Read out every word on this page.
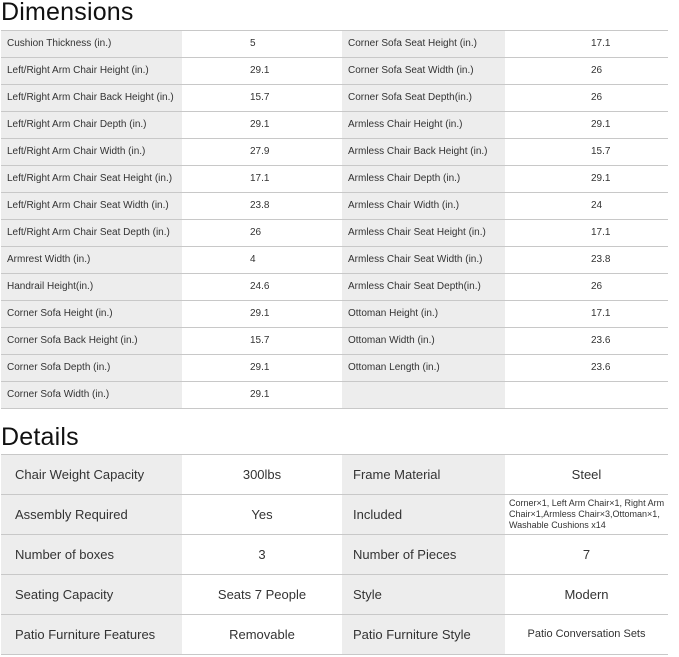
Dimensions
Cushion Thickness (in.)	5	Corner Sofa Seat Height (in.)	17.1
Left/Right Arm Chair Height (in.)	29.1	Corner Sofa Seat Width (in.)	26
Left/Right Arm Chair Back Height (in.)	15.7	Corner Sofa Seat Depth(in.)	26
Left/Right Arm Chair Depth (in.)	29.1	Armless Chair Height (in.)	29.1
Left/Right Arm Chair Width (in.)	27.9	Armless Chair Back Height (in.)	15.7
Left/Right Arm Chair Seat Height (in.)	17.1	Armless Chair Depth (in.)	29.1
Left/Right Arm Chair Seat Width (in.)	23.8	Armless Chair Width (in.)	24
Left/Right Arm Chair Seat Depth (in.)	26	Armless Chair Seat Height (in.)	17.1
Armrest Width (in.)	4	Armless Chair Seat Width (in.)	23.8
Handrail Height(in.)	24.6	Armless Chair Seat Depth(in.)	26
Corner Sofa Height (in.)	29.1	Ottoman Height (in.)	17.1
Corner Sofa Back Height (in.)	15.7	Ottoman Width (in.)	23.6
Corner Sofa Depth (in.)	29.1	Ottoman Length (in.)	23.6
Corner Sofa Width (in.)	29.1		
Details
Chair Weight Capacity	300lbs	Frame Material	Steel
Assembly Required	Yes	Included	Corner×1, Left Arm Chair×1, Right Arm Chair×1,Armless Chair×3,Ottoman×1, Washable Cushions x14
Number of boxes	3	Number of Pieces	7
Seating Capacity	Seats 7 People	Style	Modern
Patio Furniture Features	Removable	Patio Furniture Style	Patio Conversation Sets
